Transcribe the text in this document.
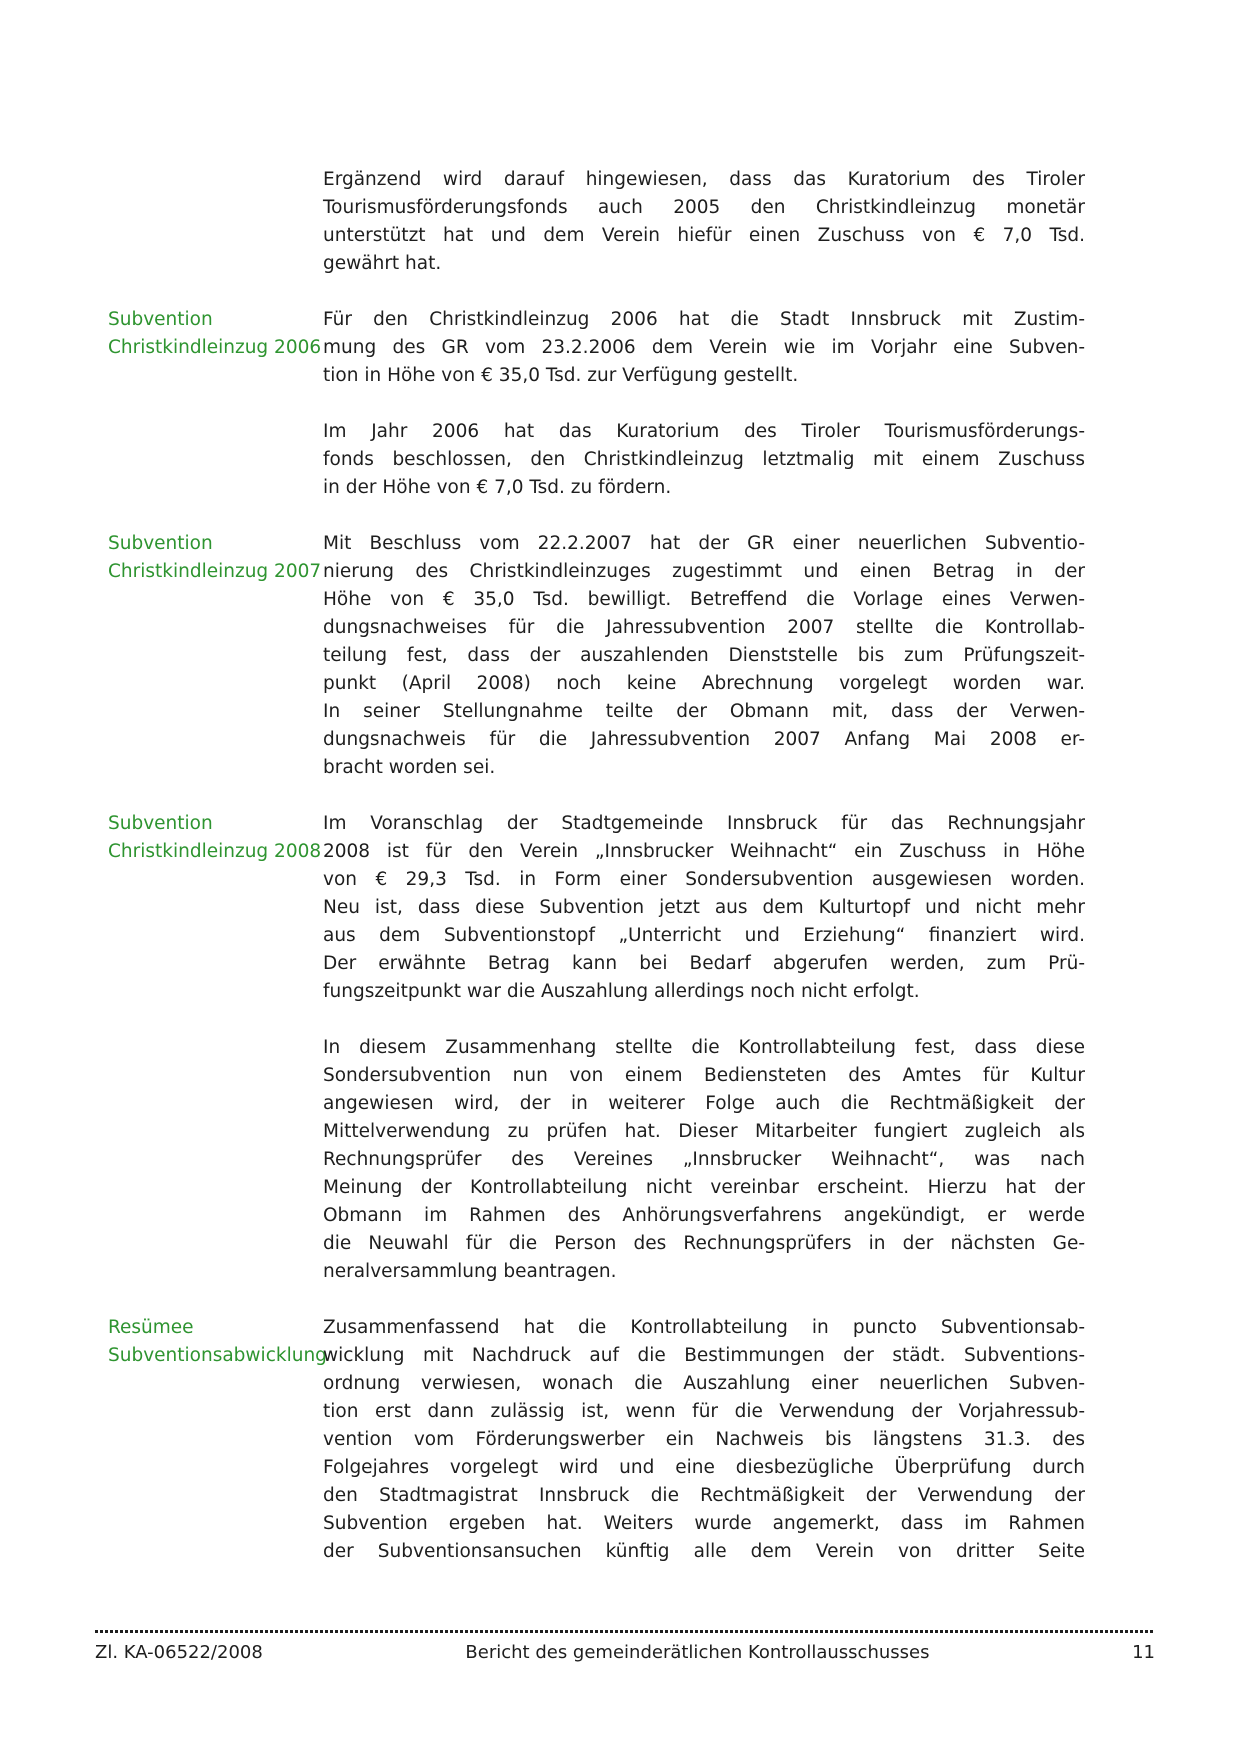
Ergänzend wird darauf hingewiesen, dass das Kuratorium des Tiroler
Tourismusförderungsfonds auch 2005 den Christkindleinzug monetär
unterstützt hat und dem Verein hiefür einen Zuschuss von € 7,0 Tsd.
gewährt hat.
Subvention
Christkindleinzug 2006
Für den Christkindleinzug 2006 hat die Stadt Innsbruck mit Zustim-
mung des GR vom 23.2.2006 dem Verein wie im Vorjahr eine Subven-
tion in Höhe von € 35,0 Tsd. zur Verfügung gestellt.
Im Jahr 2006 hat das Kuratorium des Tiroler Tourismusförderungs-
fonds beschlossen, den Christkindleinzug letztmalig mit einem Zuschuss
in der Höhe von € 7,0 Tsd. zu fördern.
Subvention
Christkindleinzug 2007
Mit Beschluss vom 22.2.2007 hat der GR einer neuerlichen Subventio-
nierung des Christkindleinzuges zugestimmt und einen Betrag in der
Höhe von € 35,0 Tsd. bewilligt. Betreffend die Vorlage eines Verwen-
dungsnachweises für die Jahressubvention 2007 stellte die Kontrollab-
teilung fest, dass der auszahlenden Dienststelle bis zum Prüfungszeit-
punkt (April 2008) noch keine Abrechnung vorgelegt worden war.
In seiner Stellungnahme teilte der Obmann mit, dass der Verwen-
dungsnachweis für die Jahressubvention 2007 Anfang Mai 2008 er-
bracht worden sei.
Subvention
Christkindleinzug 2008
Im Voranschlag der Stadtgemeinde Innsbruck für das Rechnungsjahr
2008 ist für den Verein „Innsbrucker Weihnacht“ ein Zuschuss in Höhe
von € 29,3 Tsd. in Form einer Sondersubvention ausgewiesen worden.
Neu ist, dass diese Subvention jetzt aus dem Kulturtopf und nicht mehr
aus dem Subventionstopf „Unterricht und Erziehung“ finanziert wird.
Der erwähnte Betrag kann bei Bedarf abgerufen werden, zum Prü-
fungszeitpunkt war die Auszahlung allerdings noch nicht erfolgt.
In diesem Zusammenhang stellte die Kontrollabteilung fest, dass diese
Sondersubvention nun von einem Bediensteten des Amtes für Kultur
angewiesen wird, der in weiterer Folge auch die Rechtmäßigkeit der
Mittelverwendung zu prüfen hat. Dieser Mitarbeiter fungiert zugleich als
Rechnungsprüfer des Vereines „Innsbrucker Weihnacht“, was nach
Meinung der Kontrollabteilung nicht vereinbar erscheint. Hierzu hat der
Obmann im Rahmen des Anhörungsverfahrens angekündigt, er werde
die Neuwahl für die Person des Rechnungsprüfers in der nächsten Ge-
neralversammlung beantragen.
Resümee
Subventionsabwicklung
Zusammenfassend hat die Kontrollabteilung in puncto Subventionsab-
wicklung mit Nachdruck auf die Bestimmungen der städt. Subventions-
ordnung verwiesen, wonach die Auszahlung einer neuerlichen Subven-
tion erst dann zulässig ist, wenn für die Verwendung der Vorjahressub-
vention vom Förderungswerber ein Nachweis bis längstens 31.3. des
Folgejahres vorgelegt wird und eine diesbezügliche Überprüfung durch
den Stadtmagistrat Innsbruck die Rechtmäßigkeit der Verwendung der
Subvention ergeben hat. Weiters wurde angemerkt, dass im Rahmen
der Subventionsansuchen künftig alle dem Verein von dritter Seite
Zl. KA-06522/2008	Bericht des gemeinderätlichen Kontrollausschusses	11
